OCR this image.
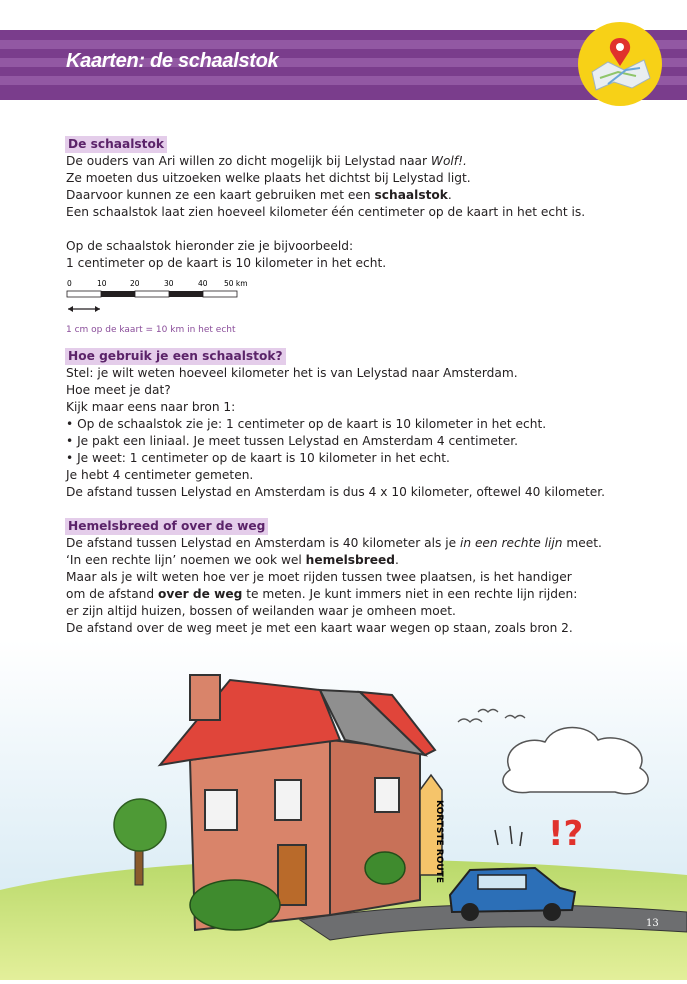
Kaarten: de schaalstok
De schaalstok
De ouders van Ari willen zo dicht mogelijk bij Lelystad naar Wolf!.
Ze moeten dus uitzoeken welke plaats het dichtst bij Lelystad ligt.
Daarvoor kunnen ze een kaart gebruiken met een schaalstok.
Een schaalstok laat zien hoeveel kilometer één centimeter op de kaart in het echt is.
Op de schaalstok hieronder zie je bijvoorbeeld:
1 centimeter op de kaart is 10 kilometer in het echt.
0	10	20	30	40 50 km
1 cm op de kaart = 10 km in het echt
Hoe gebruik je een schaalstok?
Stel: je wilt weten hoeveel kilometer het is van Lelystad naar Amsterdam.
Hoe meet je dat?
Kijk maar eens naar bron 1:
• Op de schaalstok zie je: 1 centimeter op de kaart is 10 kilometer in het echt.
• Je pakt een liniaal. Je meet tussen Lelystad en Amsterdam 4 centimeter.
• Je weet: 1 centimeter op de kaart is 10 kilometer in het echt.
Je hebt 4 centimeter gemeten.
De afstand tussen Lelystad en Amsterdam is dus 4 x 10 kilometer, oftewel 40 kilometer.
Hemelsbreed of over de weg
De afstand tussen Lelystad en Amsterdam is 40 kilometer als je in een rechte lijn meet.
‘In een rechte lijn’ noemen we ook wel hemelsbreed.
Maar als je wilt weten hoe ver je moet rijden tussen twee plaatsen, is het handiger
om de afstand over de weg te meten. Je kunt immers niet in een rechte lijn rijden:
er zijn altijd huizen, bossen of weilanden waar je omheen moet.
De afstand over de weg meet je met een kaart waar wegen op staan, zoals bron 2.
KORTSTE ROUTE	!?
13
